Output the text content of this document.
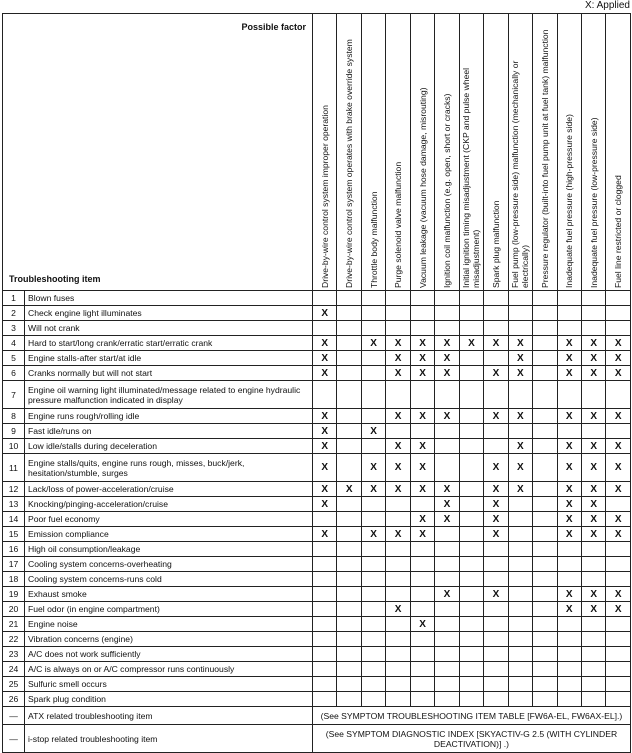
X: Applied
Possible factor
Troubleshooting item		Drive-by-wire control system improper operation	Drive-by-wire control system operates with brake override system	Throttle body malfunction	Purge solenoid valve malfunction	Vacuum leakage (vacuum hose damage, misrouting)	Ignition coil malfunction (e.g. open, short or cracks)	Initial ignition timing misadjustment (CKP and pulse wheel misadjustment)	Spark plug malfunction	Fuel pump (low-pressure side) malfunction (mechanically or electrically)	Pressure regulator (built-into fuel pump unit at fuel tank) malfunction	Inadequate fuel pressure (high-pressure side)	Inadequate fuel pressure (low-pressure side)	Fuel line restricted or clogged

1	Blown fuses													
2	Check engine light illuminates	X												
3	Will not crank													
4	Hard to start/long crank/erratic start/erratic crank	X		X	X	X	X	X	X	X		X	X	X
5	Engine stalls-after start/at idle	X			X	X	X			X		X	X	X
6	Cranks normally but will not start	X			X	X	X		X	X		X	X	X
7	Engine oil warning light illuminated/message related to engine hydraulic pressure malfunction indicated in display													
8	Engine runs rough/rolling idle	X			X	X	X		X	X		X	X	X
9	Fast idle/runs on	X		X										
10	Low idle/stalls during deceleration	X			X	X				X		X	X	X
11	Engine stalls/quits, engine runs rough, misses, buck/jerk, hesitation/stumble, surges	X		X	X	X			X	X		X	X	X
12	Lack/loss of power-acceleration/cruise	X	X	X	X	X	X		X	X		X	X	X
13	Knocking/pinging-acceleration/cruise	X					X		X			X	X	
14	Poor fuel economy					X	X		X			X	X	X
15	Emission compliance	X		X	X	X			X			X	X	X
16	High oil consumption/leakage													
17	Cooling system concerns-overheating													
18	Cooling system concerns-runs cold													
19	Exhaust smoke						X		X			X	X	X
20	Fuel odor (in engine compartment)				X							X	X	X
21	Engine noise					X								
22	Vibration concerns (engine)													
23	A/C does not work sufficiently													
24	A/C is always on or A/C compressor runs continuously													
25	Sulfuric smell occurs													
26	Spark plug condition													
—	ATX related troubleshooting item	(See SYMPTOM TROUBLESHOOTING ITEM TABLE [FW6A-EL, FW6AX-EL].)												
—	i-stop related troubleshooting item	(See SYMPTOM DIAGNOSTIC INDEX [SKYACTIV-G 2.5 (WITH CYLINDER DEACTIVATION)] .)												
